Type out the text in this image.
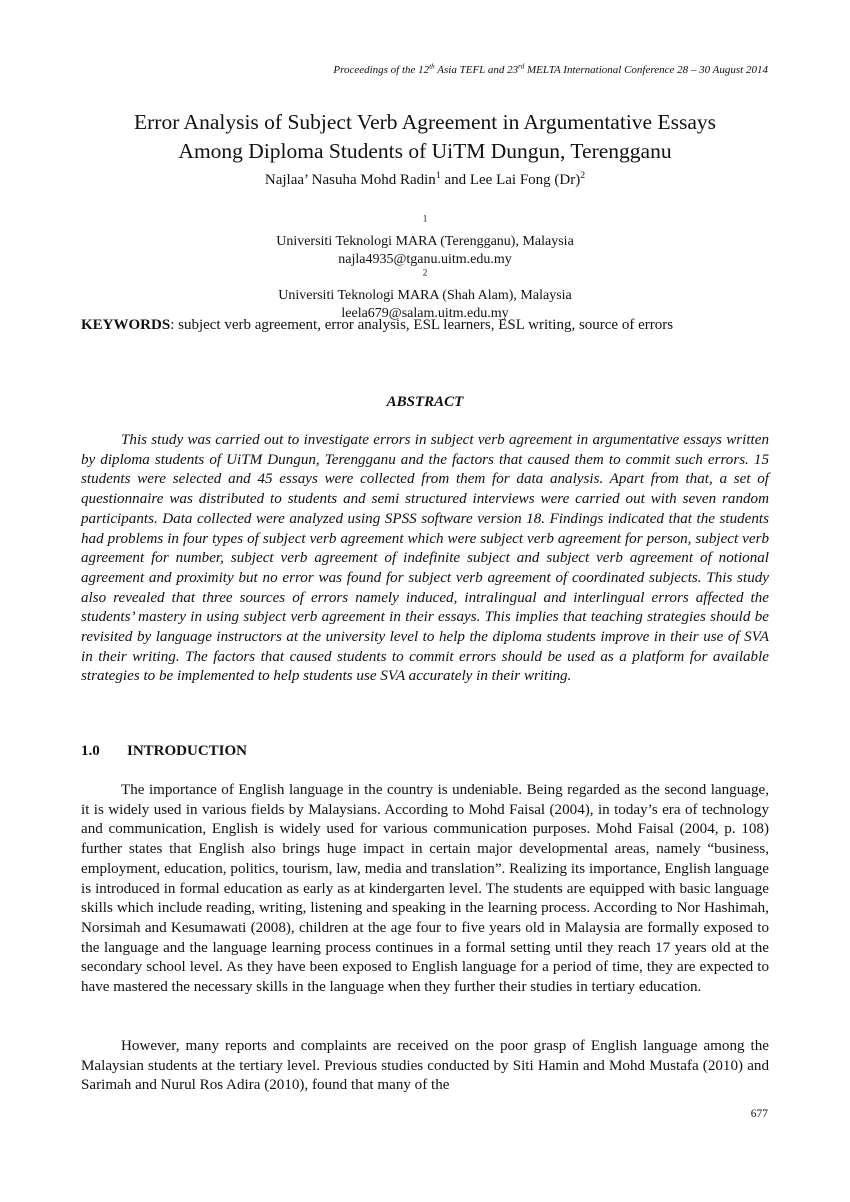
Proceedings of the 12th Asia TEFL and 23rd MELTA International Conference 28 – 30 August 2014
Error Analysis of Subject Verb Agreement in Argumentative Essays
Among Diploma Students of UiTM Dungun, Terengganu
Najlaa’ Nasuha Mohd Radin$^1$ and Lee Lai Fong $(Dr)^2$
$^1$
Universiti Teknologi MARA (Terengganu), Malaysia
najla4935@tganu.uitm.edu.my
$^2$
Universiti Teknologi MARA (Shah Alam), Malaysia
leela679@salam.uitm.edu.my
KEYWORDS: subject verb agreement, error analysis, ESL learners, ESL writing, source of errors
ABSTRACT

This study was carried out to investigate errors in subject verb agreement in argumentative essays written by diploma students of UiTM Dungun, Terengganu and the factors that caused them to commit such errors. 15 students were selected and 45 essays were collected from them for data analysis. Apart from that, a set of questionnaire was distributed to students and semi structured interviews were carried out with seven random participants. Data collected were analyzed using SPSS software version 18. Findings indicated that the students had problems in four types of subject verb agreement which were subject verb agreement for person, subject verb agreement for number, subject verb agreement of indefinite subject and subject verb agreement of notional agreement and proximity but no error was found for subject verb agreement of coordinated subjects. This study also revealed that three sources of errors namely induced, intralingual and interlingual errors affected the students’ mastery in using subject verb agreement in their essays. This implies that teaching strategies should be revisited by language instructors at the university level to help the diploma students improve in their use of SVA in their writing. The factors that caused students to commit errors should be used as a platform for available strategies to be implemented to help students use SVA accurately in their writing.

1.0 INTRODUCTION

The importance of English language in the country is undeniable. Being regarded as the second language, it is widely used in various fields by Malaysians. According to Mohd Faisal (2004), in today’s era of technology and communication, English is widely used for various communication purposes. Mohd Faisal (2004, p. 108) further states that English also brings huge impact in certain major developmental areas, namely “business, employment, education, politics, tourism, law, media and translation”. Realizing its importance, English language is introduced in formal education as early as at kindergarten level. The students are equipped with basic language skills which include reading, writing, listening and speaking in the learning process. According to Nor Hashimah, Norsimah and Kesumawati (2008), children at the age four to five years old in Malaysia are formally exposed to the language and the language learning process continues in a formal setting until they reach 17 years old at the secondary school level. As they have been exposed to English language for a period of time, they are expected to have mastered the necessary skills in the language when they further their studies in tertiary education.

However, many reports and complaints are received on the poor grasp of English language among the Malaysian students at the tertiary level. Previous studies conducted by Siti Hamin and Mohd Mustafa (2010) and Sarimah and Nurul Ros Adira (2010), found that many of the

677
